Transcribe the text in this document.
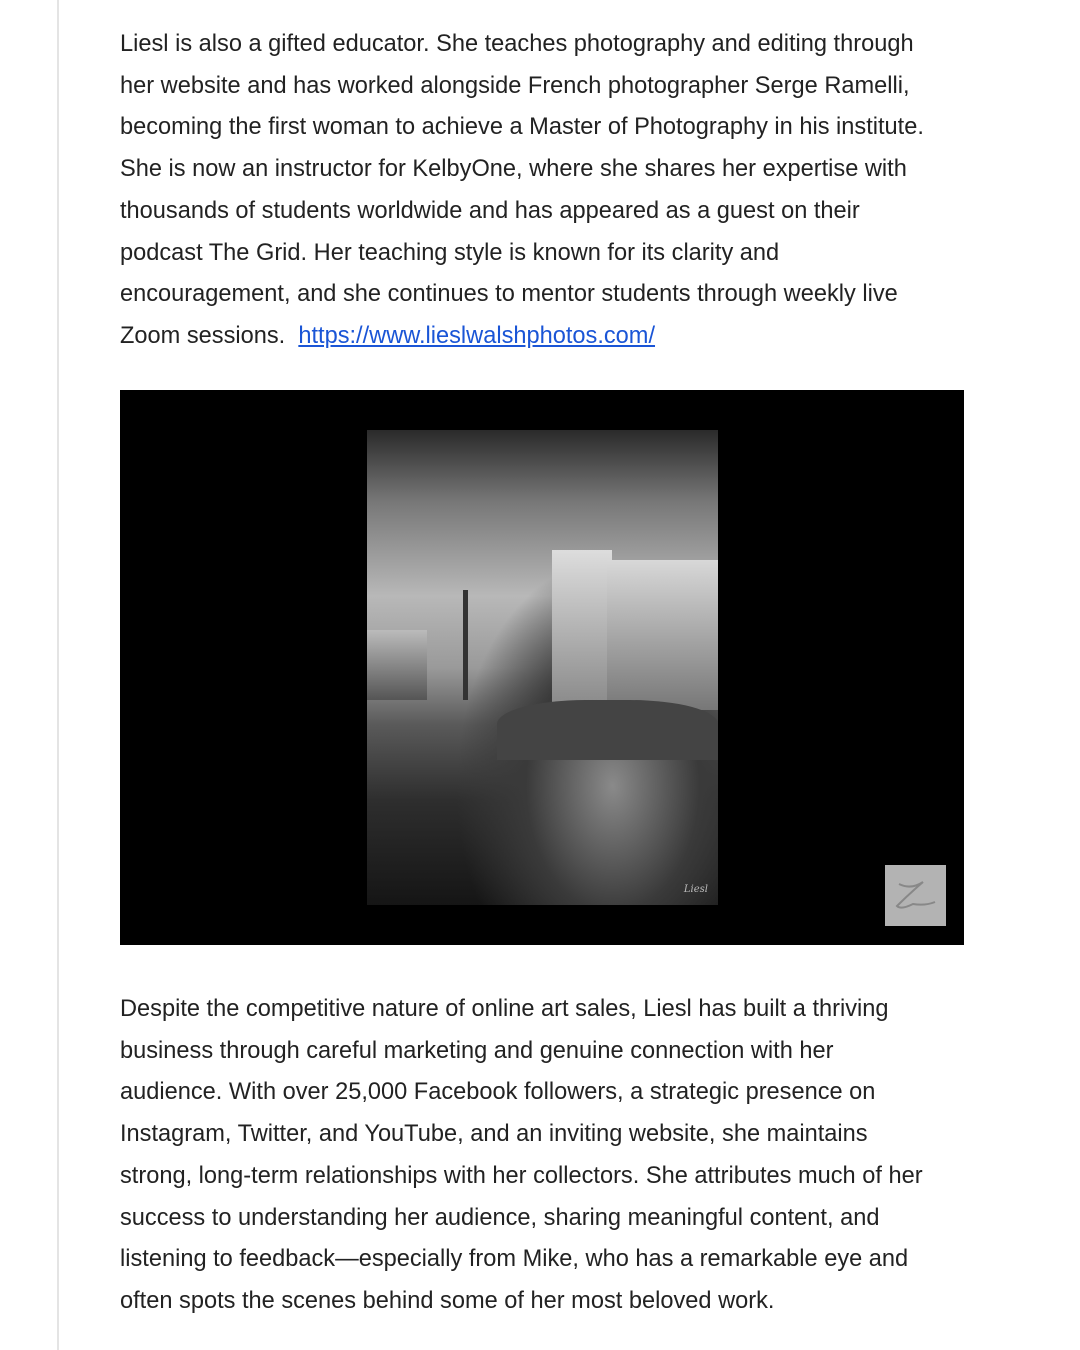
Liesl is also a gifted educator. She teaches photography and editing through
her website and has worked alongside French photographer Serge Ramelli,
becoming the first woman to achieve a Master of Photography in his institute.
She is now an instructor for KelbyOne, where she shares her expertise with
thousands of students worldwide and has appeared as a guest on their
podcast The Grid. Her teaching style is known for its clarity and
encouragement, and she continues to mentor students through weekly live
Zoom sessions. https://www.lieslwalshphotos.com/
Liesl
Despite the competitive nature of online art sales, Liesl has built a thriving
business through careful marketing and genuine connection with her
audience. With over 25,000 Facebook followers, a strategic presence on
Instagram, Twitter, and YouTube, and an inviting website, she maintains
strong, long-term relationships with her collectors. She attributes much of her
success to understanding her audience, sharing meaningful content, and
listening to feedback—especially from Mike, who has a remarkable eye and
often spots the scenes behind some of her most beloved work.
